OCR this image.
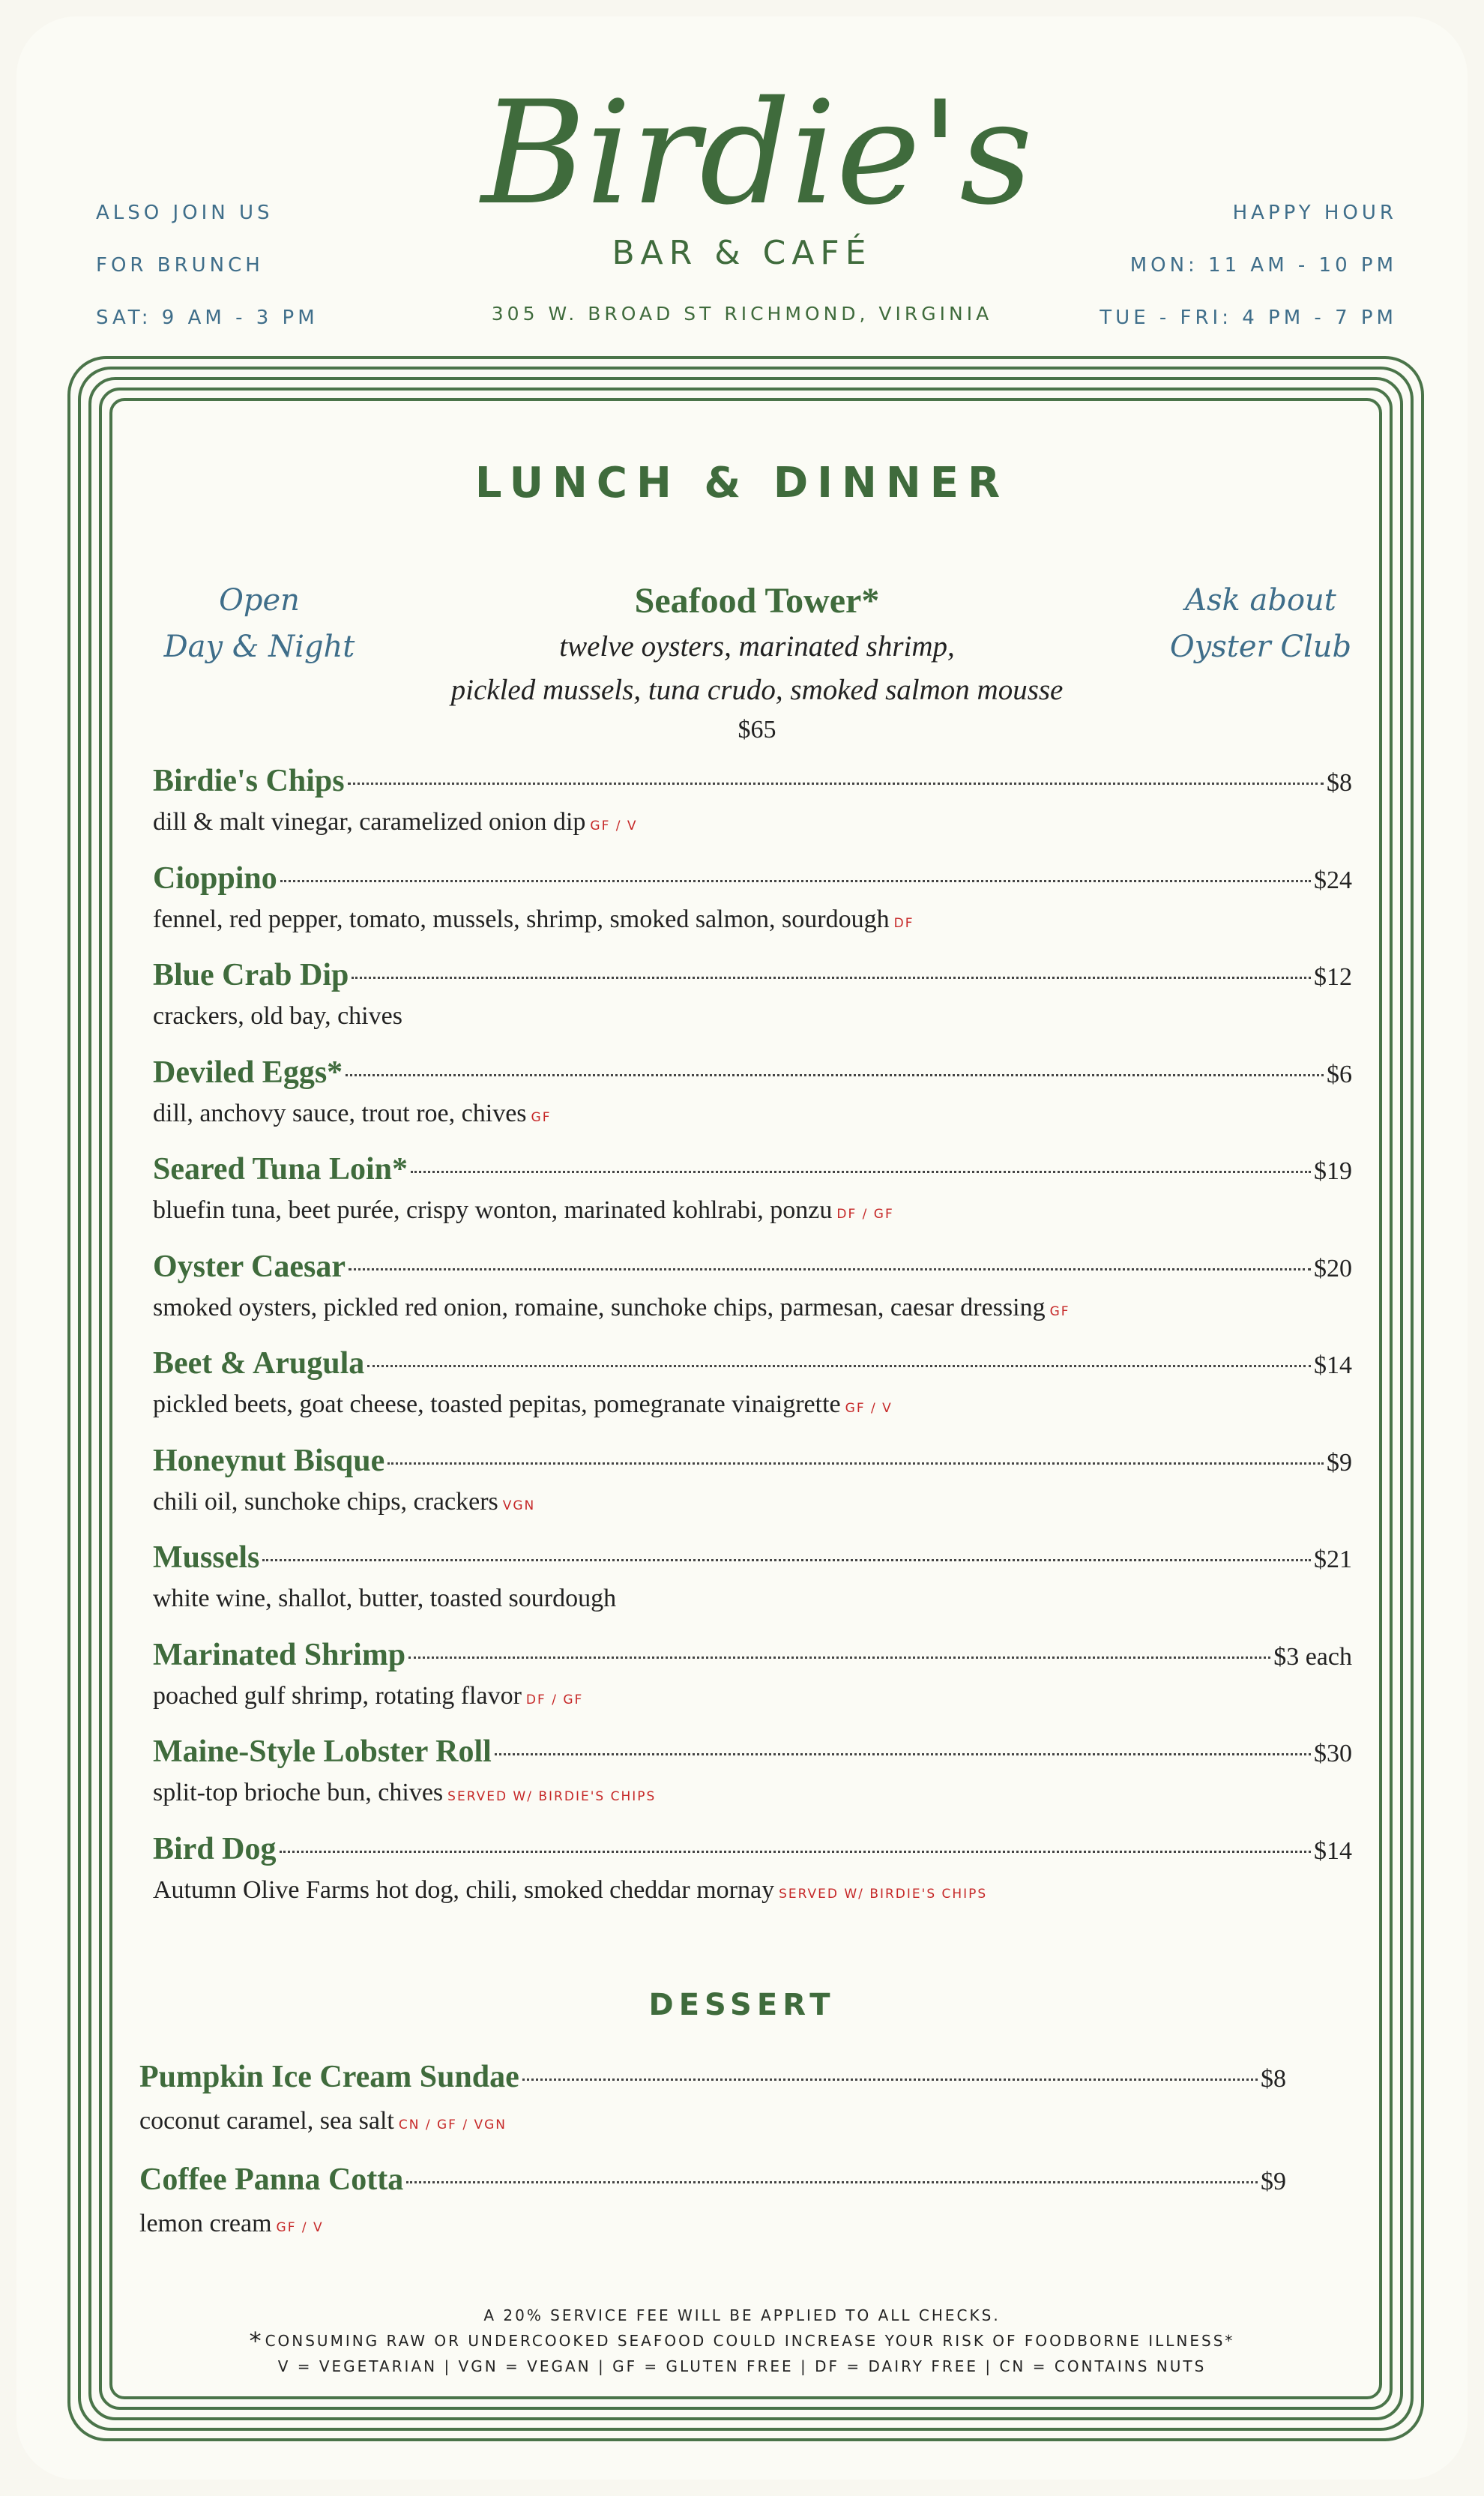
ALSO JOIN US
FOR BRUNCH
SAT: 9 AM - 3 PM
Birdie's
BAR & CAFÉ
305 W. BROAD ST RICHMOND, VIRGINIA
HAPPY HOUR
MON: 11 AM - 10 PM
TUE - FRI: 4 PM - 7 PM
LUNCH & DINNER
Open
Day & Night
Ask about
Oyster Club
Seafood Tower*
twelve oysters, marinated shrimp,
pickled mussels, tuna crudo, smoked salmon mousse
$65
Birdie's Chips	$8
dill & malt vinegar, caramelized onion dip GF / V
Cioppino	$24
fennel, red pepper, tomato, mussels, shrimp, smoked salmon, sourdough DF
Blue Crab Dip	$12
crackers, old bay, chives
Deviled Eggs*	$6
dill, anchovy sauce, trout roe, chives GF
Seared Tuna Loin*	$19
bluefin tuna, beet purée, crispy wonton, marinated kohlrabi, ponzu DF / GF
Oyster Caesar	$20
smoked oysters, pickled red onion, romaine, sunchoke chips, parmesan, caesar dressing GF
Beet & Arugula	$14
pickled beets, goat cheese, toasted pepitas, pomegranate vinaigrette GF / V
Honeynut Bisque	$9
chili oil, sunchoke chips, crackers VGN
Mussels	$21
white wine, shallot, butter, toasted sourdough
Marinated Shrimp	$3 each
poached gulf shrimp, rotating flavor DF / GF
Maine-Style Lobster Roll	$30
split-top brioche bun, chives SERVED W/ BIRDIE'S CHIPS
Bird Dog	$14
Autumn Olive Farms hot dog, chili, smoked cheddar mornay SERVED W/ BIRDIE'S CHIPS
DESSERT
Pumpkin Ice Cream Sundae	$8
coconut caramel, sea salt CN / GF / VGN
Coffee Panna Cotta	$9
lemon cream GF / V
A 20% SERVICE FEE WILL BE APPLIED TO ALL CHECKS.
* CONSUMING RAW OR UNDERCOOKED SEAFOOD COULD INCREASE YOUR RISK OF FOODBORNE ILLNESS*
V = VEGETARIAN | VGN = VEGAN | GF = GLUTEN FREE | DF = DAIRY FREE | CN = CONTAINS NUTS
